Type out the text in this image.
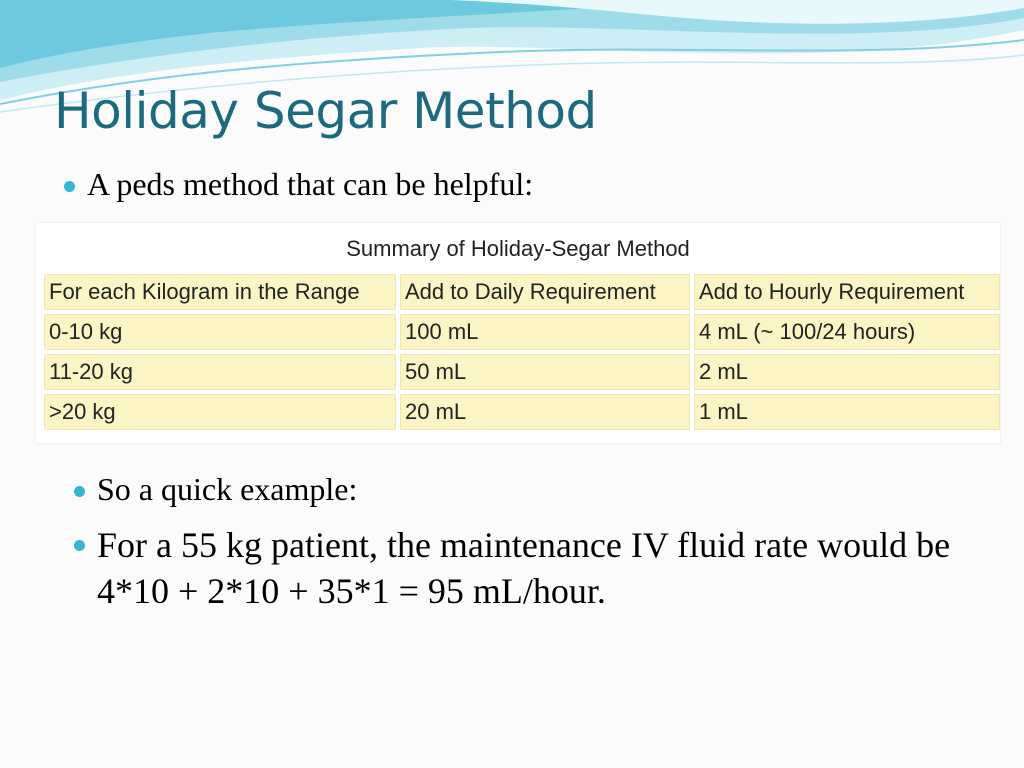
Holiday Segar Method
A peds method that can be helpful:
Summary of Holiday-Segar Method
For each Kilogram in the Range	Add to Daily Requirement	Add to Hourly Requirement
0-10 kg	100 mL	4 mL (~ 100/24 hours)
11-20 kg	50 mL	2 mL
>20 kg	20 mL	1 mL
So a quick example:
For a 55 kg patient, the maintenance IV fluid rate would be 4*10 + 2*10 + 35*1 = 95 mL/hour.
